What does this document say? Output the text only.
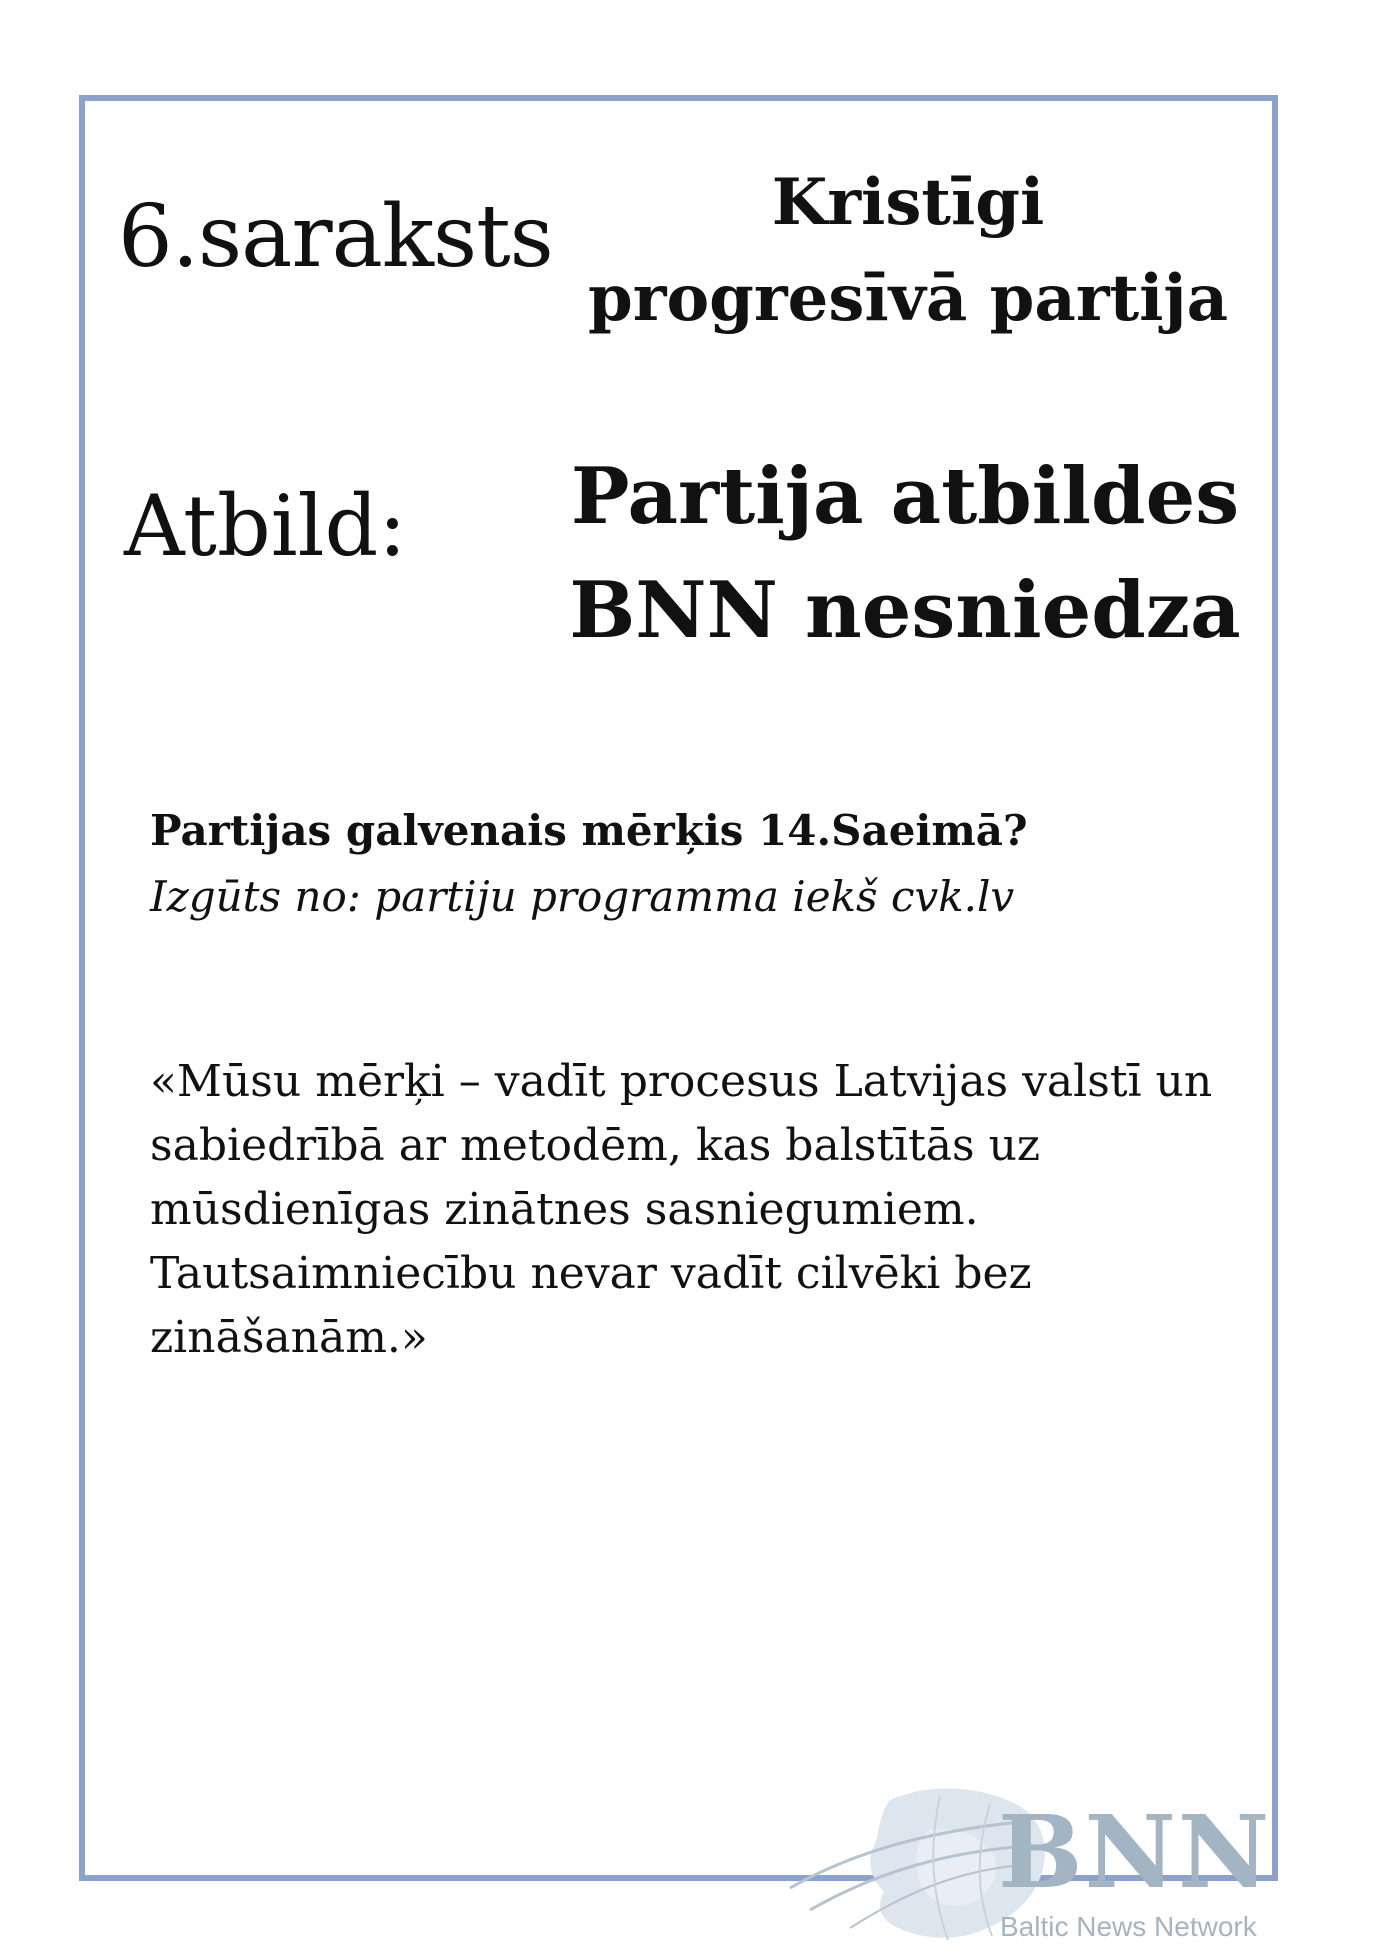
6.saraksts	Kristīgi
progresīvā partija
Atbild: Partija atbildes
BNN nesniedza
Partijas galvenais mērķis 14.Saeimā?
Izgūts no: partiju programma iekš cvk.lv

«Mūsu mērķi – vadīt procesus Latvijas valstī un sabiedrībā ar metodēm, kas balstītās uz mūsdienīgas zinātnes sasniegumiem. Tautsaimniecību nevar vadīt cilvēki bez zināšanām.»

BNN
Baltic News Network
